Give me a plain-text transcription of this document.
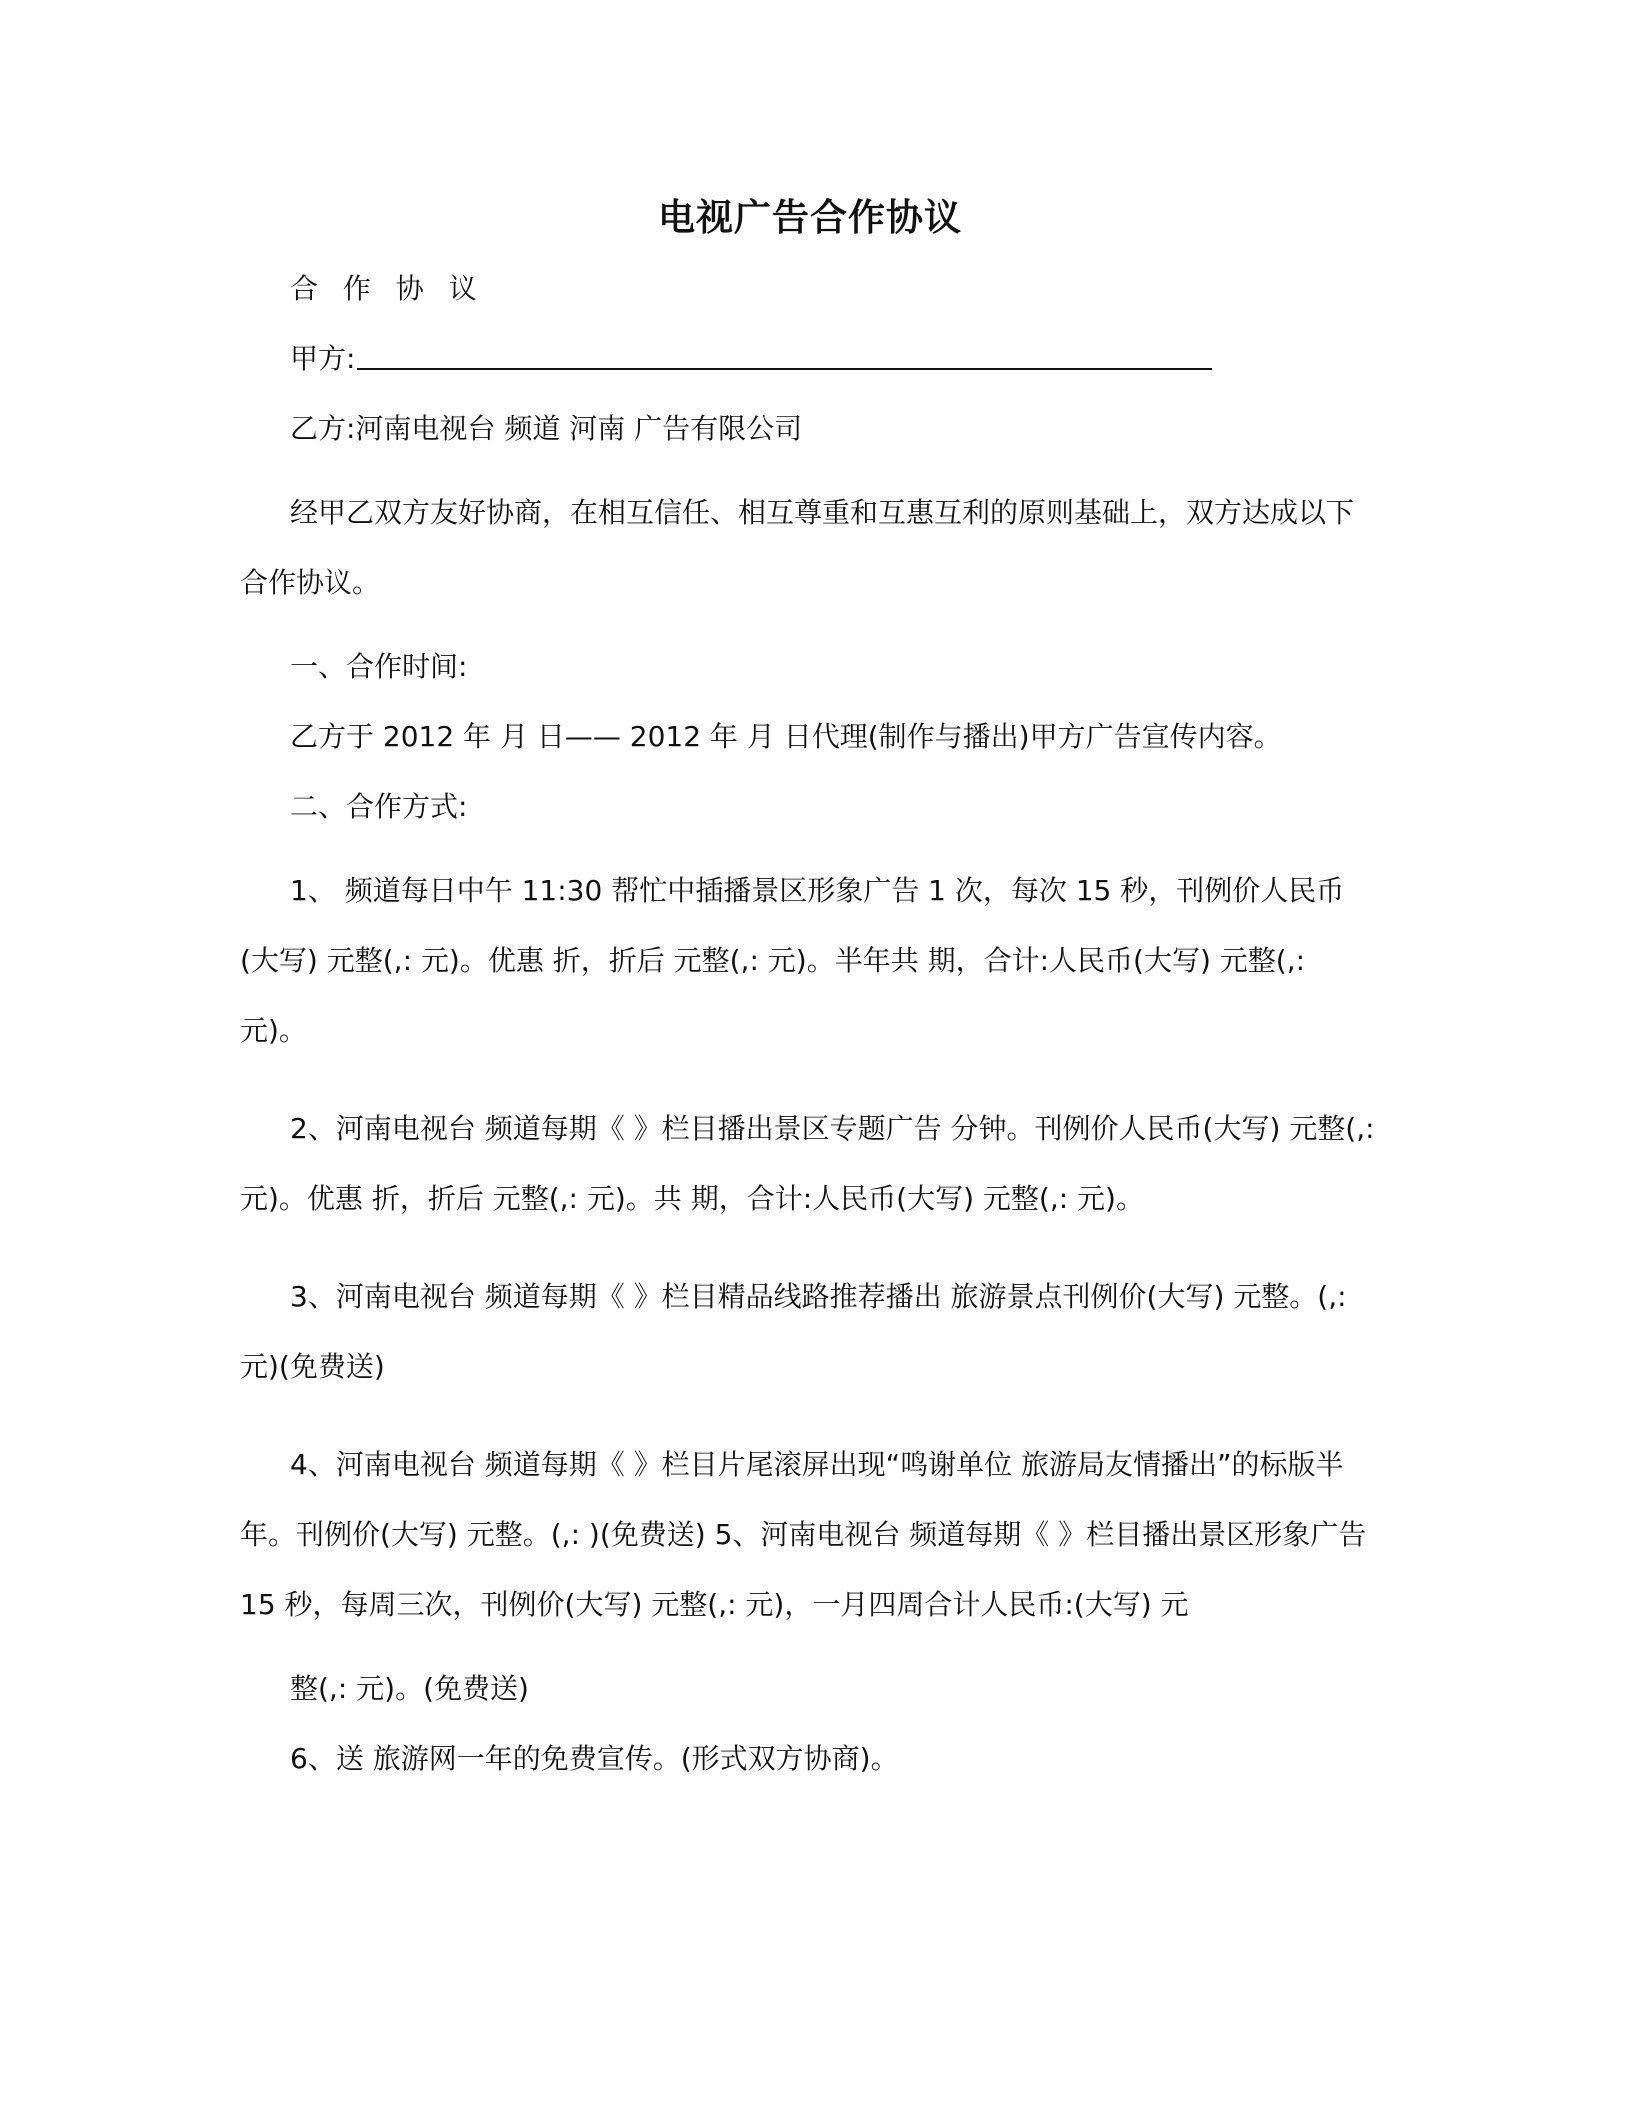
电视广告合作协议

合 作 协 议

甲方:

乙方:河南电视台 频道 河南 广告有限公司

经甲乙双方友好协商，在相互信任、相互尊重和互惠互利的原则基础上，双方达成以下合作协议。

一、合作时间:

乙方于 2012 年 月 日—— 2012 年 月 日代理(制作与播出)甲方广告宣传内容。

二、合作方式:

1、 频道每日中午 11:30 帮忙中插播景区形象广告 1 次，每次 15 秒，刊例价人民币(大写) 元整(,: 元)。优惠 折，折后 元整(,: 元)。半年共 期，合计:人民币(大写) 元整(,: 元)。

2、河南电视台 频道每期《 》栏目播出景区专题广告 分钟。刊例价人民币(大写) 元整(,: 元)。优惠 折，折后 元整(,: 元)。共 期，合计:人民币(大写) 元整(,: 元)。

3、河南电视台 频道每期《 》栏目精品线路推荐播出 旅游景点刊例价(大写) 元整。(,: 元)(免费送)

4、河南电视台 频道每期《 》栏目片尾滚屏出现“鸣谢单位 旅游局友情播出”的标版半年。刊例价(大写) 元整。(,: )(免费送) 5、河南电视台 频道每期《 》栏目播出景区形象广告 15 秒，每周三次，刊例价(大写) 元整(,: 元)，一月四周合计人民币:(大写) 元

整(,: 元)。(免费送)

6、送 旅游网一年的免费宣传。(形式双方协商)。
